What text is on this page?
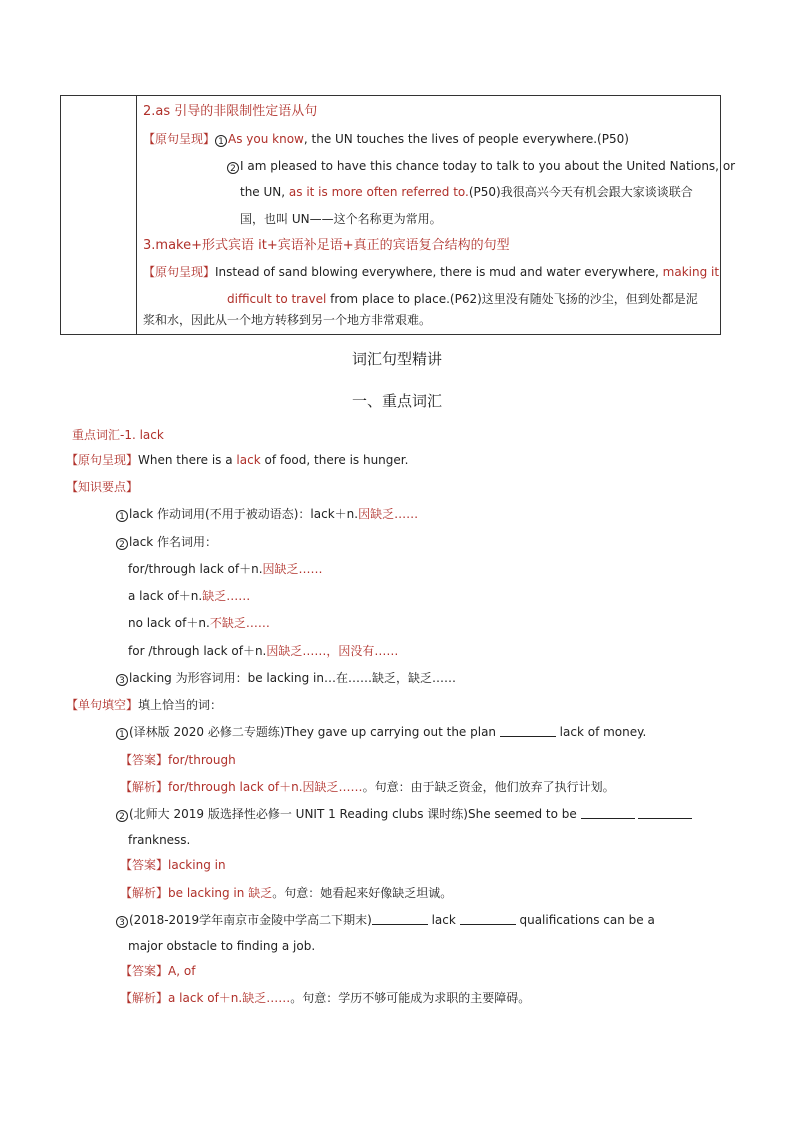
2.as 引导的非限制性定语从句
【原句呈现】 1 As you know, the UN touches the lives of people everywhere.(P50)
2 I am pleased to have this chance today to talk to you about the United Nations, or
the UN, as it is more often referred to.(P50)我很高兴今天有机会跟大家谈谈联合
国，也叫 UN——这个名称更为常用。
3.make+形式宾语 it+宾语补足语+真正的宾语复合结构的句型
【原句呈现】Instead of sand blowing everywhere, there is mud and water everywhere, making it
difficult to travel from place to place.(P62)这里没有随处飞扬的沙尘，但到处都是泥
浆和水，因此从一个地方转移到另一个地方非常艰难。
词汇句型精讲
一、重点词汇
重点词汇-1. lack
【原句呈现】When there is a lack of food, there is hunger.
【知识要点】
1 lack 作动词用(不用于被动语态)：lack＋n.因缺乏……
2 lack 作名词用：
for/through lack of＋n.因缺乏……
a lack of＋n.缺乏……
no lack of＋n.不缺乏……
for /through lack of＋n.因缺乏……，因没有……
3 lacking 为形容词用：be lacking in…在……缺乏，缺乏……
【单句填空】填上恰当的词：
1 (译林版 2020 必修二专题练)They gave up carrying out the plan	lack of money.
【答案】for/through
【解析】for/through lack of＋n.因缺乏……。句意：由于缺乏资金，他们放弃了执行计划。
2 (北师大 2019 版选择性必修一 UNIT 1 Reading clubs 课时练)She seemed to be
frankness.
【答案】lacking in
【解析】be lacking in 缺乏。句意：她看起来好像缺乏坦诚。
3 (2018-2019学年南京市金陵中学高二下期末)	lack	qualifications can be a
major obstacle to finding a job.
【答案】A, of
【解析】a lack of＋n.缺乏……。句意：学历不够可能成为求职的主要障碍。
